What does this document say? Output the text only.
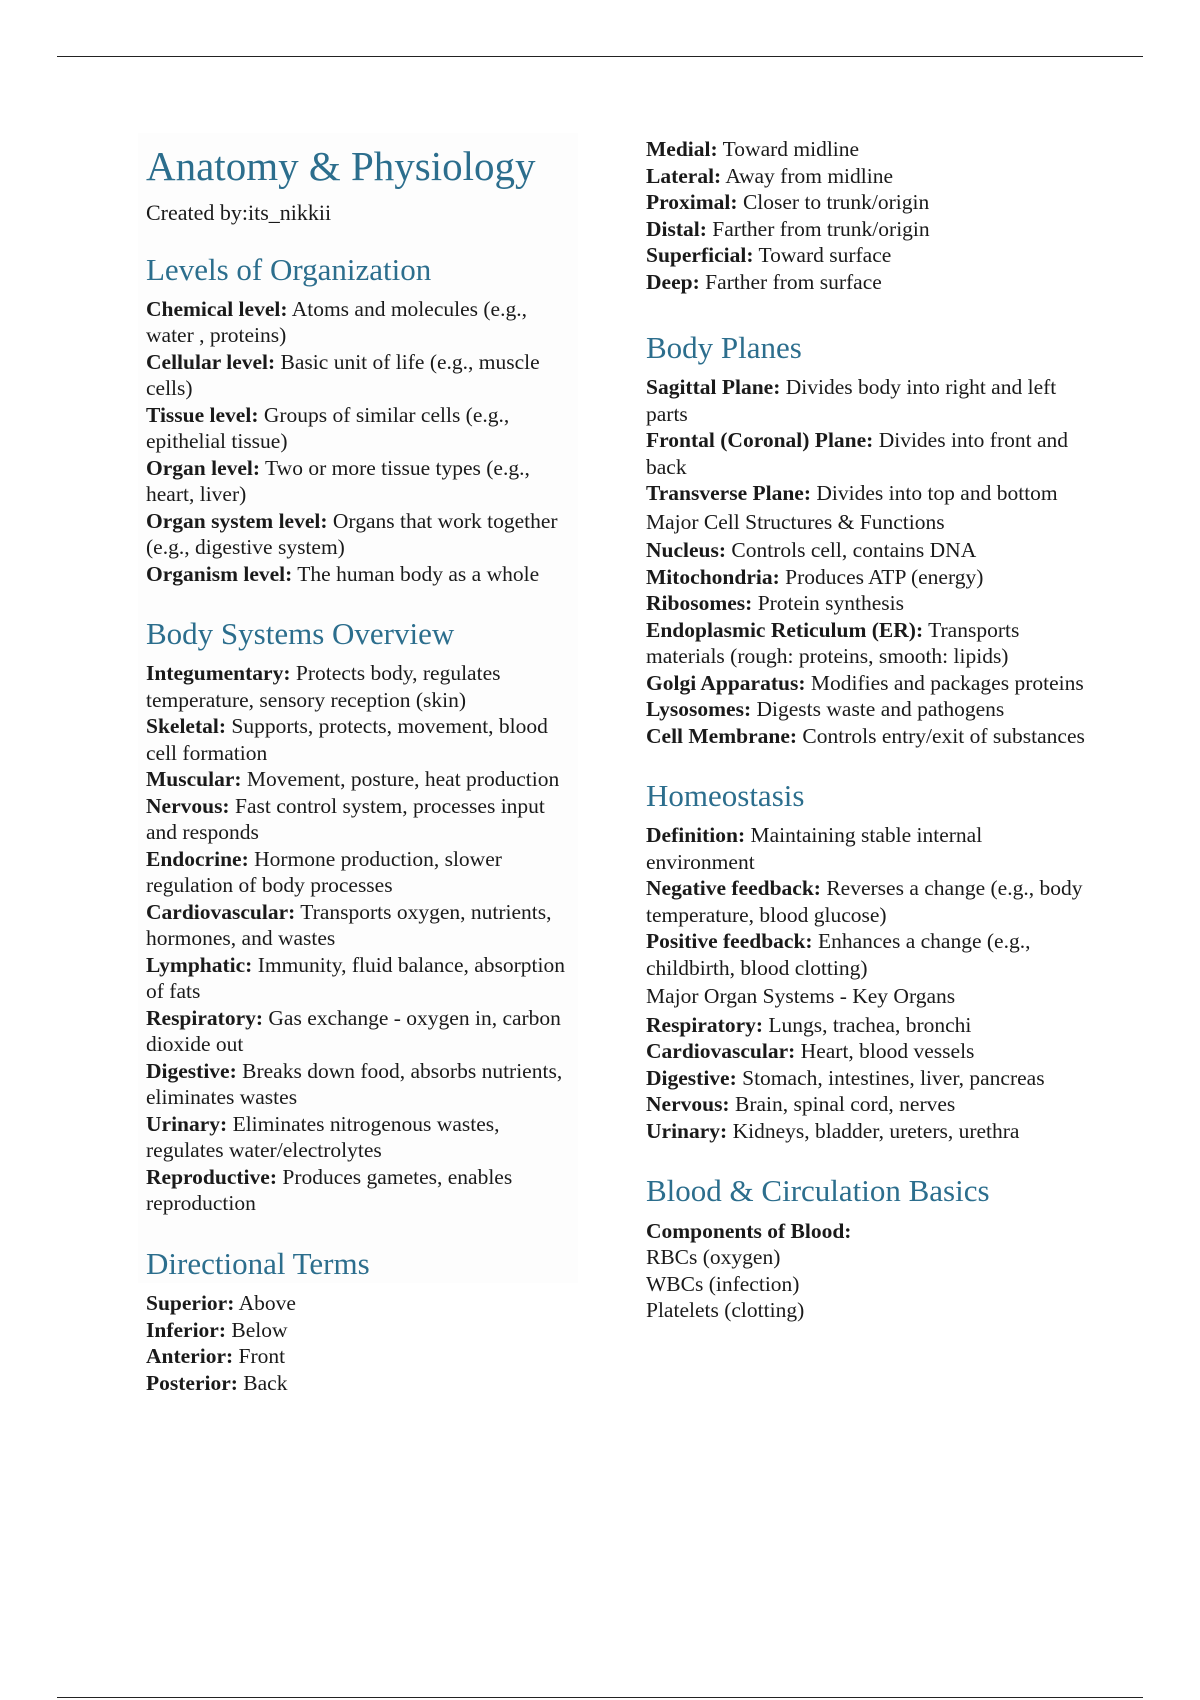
Anatomy & Physiology

Created by:its_nikkii

Levels of Organization

Chemical level: Atoms and molecules (e.g., water , proteins)

Cellular level: Basic unit of life (e.g., muscle cells)

Tissue level: Groups of similar cells (e.g., epithelial tissue)

Organ level: Two or more tissue types (e.g., heart, liver)

Organ system level: Organs that work together (e.g., digestive system)

Organism level: The human body as a whole

Body Systems Overview

Integumentary: Protects body, regulates temperature, sensory reception (skin)

Skeletal: Supports, protects, movement, blood cell formation

Muscular: Movement, posture, heat production

Nervous: Fast control system, processes input and responds

Endocrine: Hormone production, slower regulation of body processes

Cardiovascular: Transports oxygen, nutrients, hormones, and wastes

Lymphatic: Immunity, fluid balance, absorption of fats

Respiratory: Gas exchange - oxygen in, carbon dioxide out

Digestive: Breaks down food, absorbs nutrients, eliminates wastes

Urinary: Eliminates nitrogenous wastes, regulates water/electrolytes

Reproductive: Produces gametes, enables reproduction

Directional Terms

Superior: Above

Inferior: Below

Anterior: Front

Posterior: Back

Medial: Toward midline

Lateral: Away from midline

Proximal: Closer to trunk/origin

Distal: Farther from trunk/origin

Superficial: Toward surface

Deep: Farther from surface

Body Planes

Sagittal Plane: Divides body into right and left parts

Frontal (Coronal) Plane: Divides into front and back

Transverse Plane: Divides into top and bottom

Major Cell Structures & Functions

Nucleus: Controls cell, contains DNA

Mitochondria: Produces ATP (energy)

Ribosomes: Protein synthesis

Endoplasmic Reticulum (ER): Transports materials (rough: proteins, smooth: lipids)

Golgi Apparatus: Modifies and packages proteins

Lysosomes: Digests waste and pathogens

Cell Membrane: Controls entry/exit of substances

Homeostasis

Definition: Maintaining stable internal environment

Negative feedback: Reverses a change (e.g., body temperature, blood glucose)

Positive feedback: Enhances a change (e.g., childbirth, blood clotting)

Major Organ Systems - Key Organs

Respiratory: Lungs, trachea, bronchi

Cardiovascular: Heart, blood vessels

Digestive: Stomach, intestines, liver, pancreas

Nervous: Brain, spinal cord, nerves

Urinary: Kidneys, bladder, ureters, urethra

Blood & Circulation Basics

Components of Blood:

RBCs (oxygen)

WBCs (infection)

Platelets (clotting)
